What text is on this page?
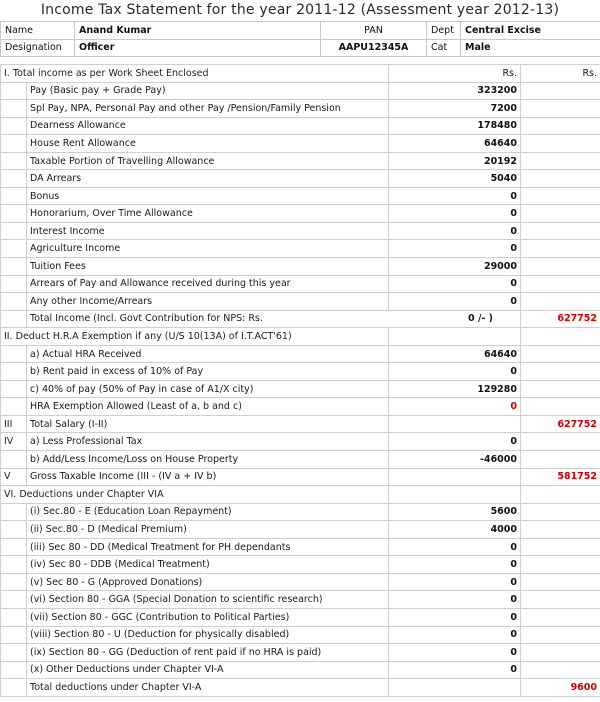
Income Tax Statement for the year 2011-12 (Assessment year 2012-13)
Name	Anand Kumar	PAN	Dept	Central Excise
Designation	Officer	AAPU12345A	Cat	Male
I. Total income as per Work Sheet Enclosed		Rs.	Rs.
	Pay (Basic pay + Grade Pay)	323200	
	Spl Pay, NPA, Personal Pay and other Pay /Pension/Family Pension	7200	
	Dearness Allowance	178480	
	House Rent Allowance	64640	
	Taxable Portion of Travelling Allowance	20192	
	DA Arrears	5040	
	Bonus	0	
	Honorarium, Over Time Allowance	0	
	Interest Income	0	
	Agriculture Income	0	
	Tuition Fees	29000	
	Arrears of Pay and Allowance received during this year	0	
	Any other Income/Arrears	0	
	Total Income (Incl. Govt Contribution for NPS: Rs. 0 /- )		627752
II. Deduct H.R.A Exemption if any (U/S 10(13A) of I.T.ACT'61)			
	a) Actual HRA Received	64640	
	b) Rent paid in excess of 10% of Pay	0	
	c) 40% of pay (50% of Pay in case of A1/X city)	129280	
	HRA Exemption Allowed (Least of a, b and c)	0	
III	Total Salary (I-II)		627752
IV	a) Less Professional Tax	0	
	b) Add/Less Income/Loss on House Property	-46000	
V	Gross Taxable Income (III - (IV a + IV b)		581752
VI. Deductions under Chapter VIA			
	(i) Sec.80 - E (Education Loan Repayment)	5600	
	(ii) Sec.80 - D (Medical Premium)	4000	
	(iii) Sec 80 - DD (Medical Treatment for PH dependants	0	
	(iv) Sec 80 - DDB (Medical Treatment)	0	
	(v) Sec 80 - G (Approved Donations)	0	
	(vi) Section 80 - GGA (Special Donation to scientific research)	0	
	(vii) Section 80 - GGC (Contribution to Political Parties)	0	
	(viii) Section 80 - U (Deduction for physically disabled)	0	
	(ix) Section 80 - GG (Deduction of rent paid if no HRA is paid)	0	
	(x) Other Deductions under Chapter VI-A	0	
	Total deductions under Chapter VI-A		9600
